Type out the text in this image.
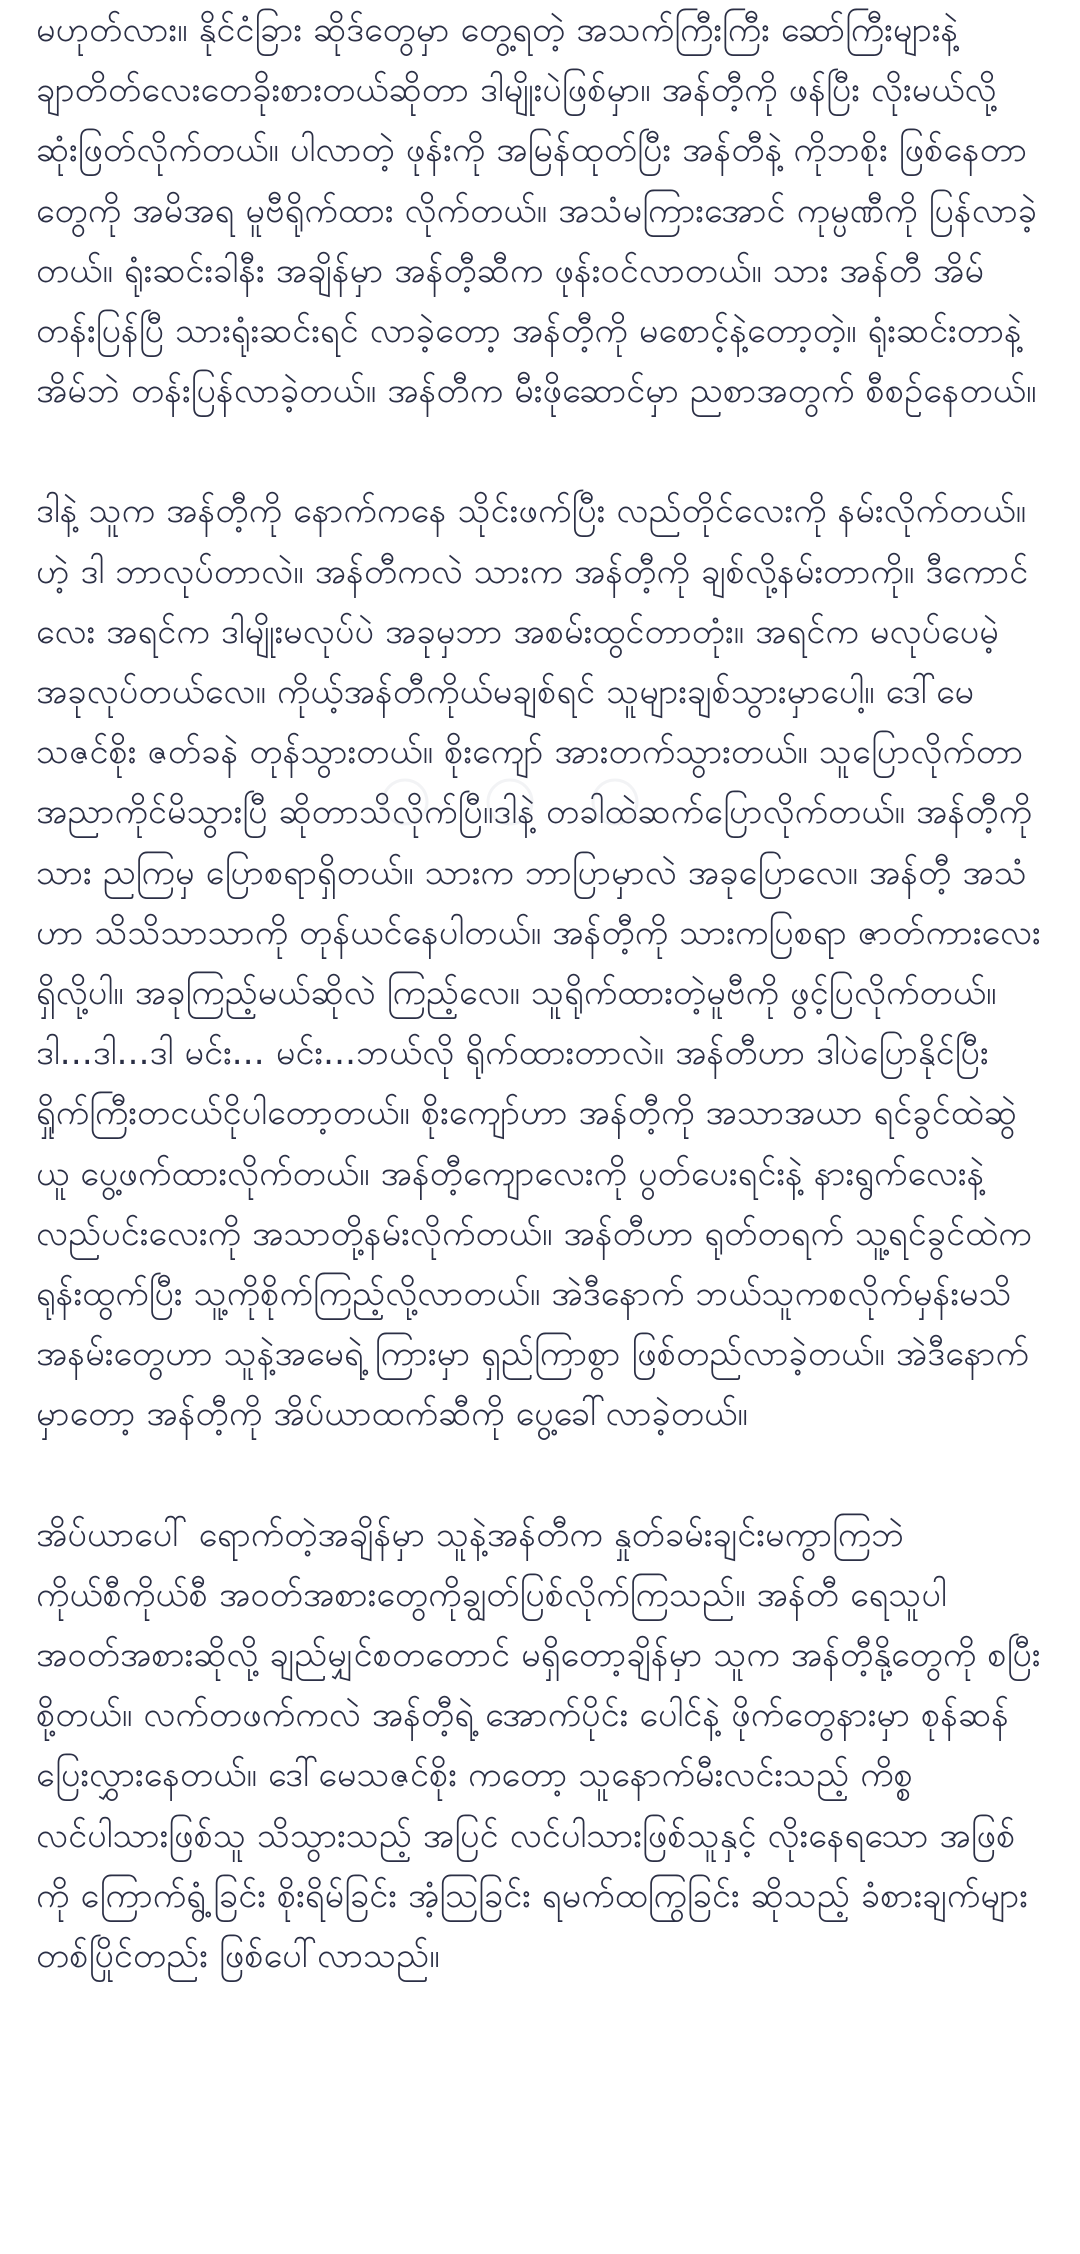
မဟုတ်လား။ နိုင်ငံခြား ဆိုဒ်တွေမှာ တွေ့ရတဲ့ အသက်ကြီးကြီး ဆော်ကြီးများနဲ့ ချာတိတ်လေးတေခိုးစားတယ်ဆိုတာ ဒါမျိုးပဲဖြစ်မှာ။ အန်တီ့ကို ဖန်ပြီး လိုးမယ်လို့ ဆုံးဖြတ်လိုက်တယ်။ ပါလာတဲ့ ဖုန်းကို အမြန်ထုတ်ပြီး အန်တီနဲ့ ကိုဘစိုး ဖြစ်နေတာတွေကို အမိအရ မူဗီရိုက်ထား လိုက်တယ်။ အသံမကြားအောင် ကုမ္ပဏီကို ပြန်လာခဲ့တယ်။ ရုံးဆင်းခါနီး အချိန်မှာ အန်တီ့ဆီက ဖုန်းဝင်လာတယ်။ သား အန်တီ အိမ်တန်းပြန်ပြီ သားရုံးဆင်းရင် လာခဲ့တော့ အန်တီ့ကို မစောင့်နဲ့တော့တဲ့။ ရုံးဆင်းတာနဲ့ အိမ်ဘဲ တန်းပြန်လာခဲ့တယ်။ အန်တီက မီးဖိုဆောင်မှာ ညစာအတွက် စီစဉ်နေတယ်။

ဒါနဲ့ သူက အန်တီ့ကို နောက်ကနေ သိုင်းဖက်ပြီး လည်တိုင်လေးကို နမ်းလိုက်တယ်။ ဟဲ့ ဒါ ဘာလုပ်တာလဲ။ အန်တီကလဲ သားက အန်တီ့ကို ချစ်လို့နမ်းတာကို။ ဒီကောင်လေး အရင်က ဒါမျိုးမလုပ်ပဲ အခုမှဘာ အစမ်းထွင်တာတုံး။ အရင်က မလုပ်ပေမဲ့ အခုလုပ်တယ်လေ။ ကိုယ့်အန်တီကိုယ်မချစ်ရင် သူများချစ်သွားမှာပေါ့။ ဒေါ်မေသဇင်စိုး ဇတ်ခနဲ တုန်သွားတယ်။ စိုးကျော် အားတက်သွားတယ်။ သူပြောလိုက်တာ အညာကိုင်မိသွားပြီ ဆိုတာသိလိုက်ပြီ။ဒါနဲ့ တခါထဲဆက်ပြောလိုက်တယ်။ အန်တီ့ကိုသား ညကြမှ ပြောစရာရှိတယ်။ သားက ဘာပြာမှာလဲ အခုပြောလေ။ အန်တီ့ အသံဟာ သိသိသာသာကို တုန်ယင်နေပါတယ်။ အန်တီ့ကို သားကပြစရာ ဇာတ်ကားလေးရှိလို့ပါ။ အခုကြည့်မယ်ဆိုလဲ ကြည့်လေ။ သူရိုက်ထားတဲ့မူဗီကို ဖွင့်ပြလိုက်တယ်။ ဒါ...ဒါ...ဒါ မင်း... မင်း...ဘယ်လို ရိုက်ထားတာလဲ။ အန်တီဟာ ဒါပဲပြောနိုင်ပြီး ရှိုက်ကြီးတငယ်ငိုပါတော့တယ်။ စိုးကျော်ဟာ အန်တီ့ကို အသာအယာ ရင်ခွင်ထဲဆွဲယူ ပွေ့ဖက်ထားလိုက်တယ်။ အန်တီ့ကျောလေးကို ပွတ်ပေးရင်းနဲ့ နားရွက်လေးနဲ့ လည်ပင်းလေးကို အသာတို့နမ်းလိုက်တယ်။ အန်တီဟာ ရုတ်တရက် သူ့ရင်ခွင်ထဲက ရုန်းထွက်ပြီး သူ့ကိုစိုက်ကြည့်လို့လာတယ်။ အဲဒီနောက် ဘယ်သူကစလိုက်မှန်းမသိ အနမ်းတွေဟာ သူနဲ့အမေရဲ့ ကြားမှာ ရှည်ကြာစွာ ဖြစ်တည်လာခဲ့တယ်။ အဲဒီနောက်မှာတော့ အန်တီ့ကို အိပ်ယာထက်ဆီကို ပွေ့ခေါ်လာခဲ့တယ်။

အိပ်ယာပေါ် ရောက်တဲ့အချိန်မှာ သူနဲ့အန်တီက နှုတ်ခမ်းချင်းမကွာကြဘဲ ကိုယ်စီကိုယ်စီ အဝတ်အစားတွေကိုချွတ်ပြစ်လိုက်ကြသည်။ အန်တီ ရေသူပါ အဝတ်အစားဆိုလို့ ချည်မျှင်စတတောင် မရှိတော့ချိန်မှာ သူက အန်တီ့နို့တွေကို စပြီးစို့တယ်။ လက်တဖက်ကလဲ အန်တီ့ရဲ့ အောက်ပိုင်း ပေါင်နဲ့ ဖိုက်တွေနားမှာ စုန်ဆန်ပြေးလွှားနေတယ်။ ဒေါ်မေသဇင်စိုး ကတော့ သူနောက်မီးလင်းသည့် ကိစ္စ လင်ပါသားဖြစ်သူ သိသွားသည့် အပြင် လင်ပါသားဖြစ်သူနှင့် လိုးနေရသော အဖြစ်ကို ကြောက်ရွံ့ခြင်း စိုးရိမ်ခြင်း အံ့သြခြင်း ရမက်ထကြွခြင်း ဆိုသည့် ခံစားချက်များ တစ်ပြိုင်တည်း ဖြစ်ပေါ်လာသည်။
